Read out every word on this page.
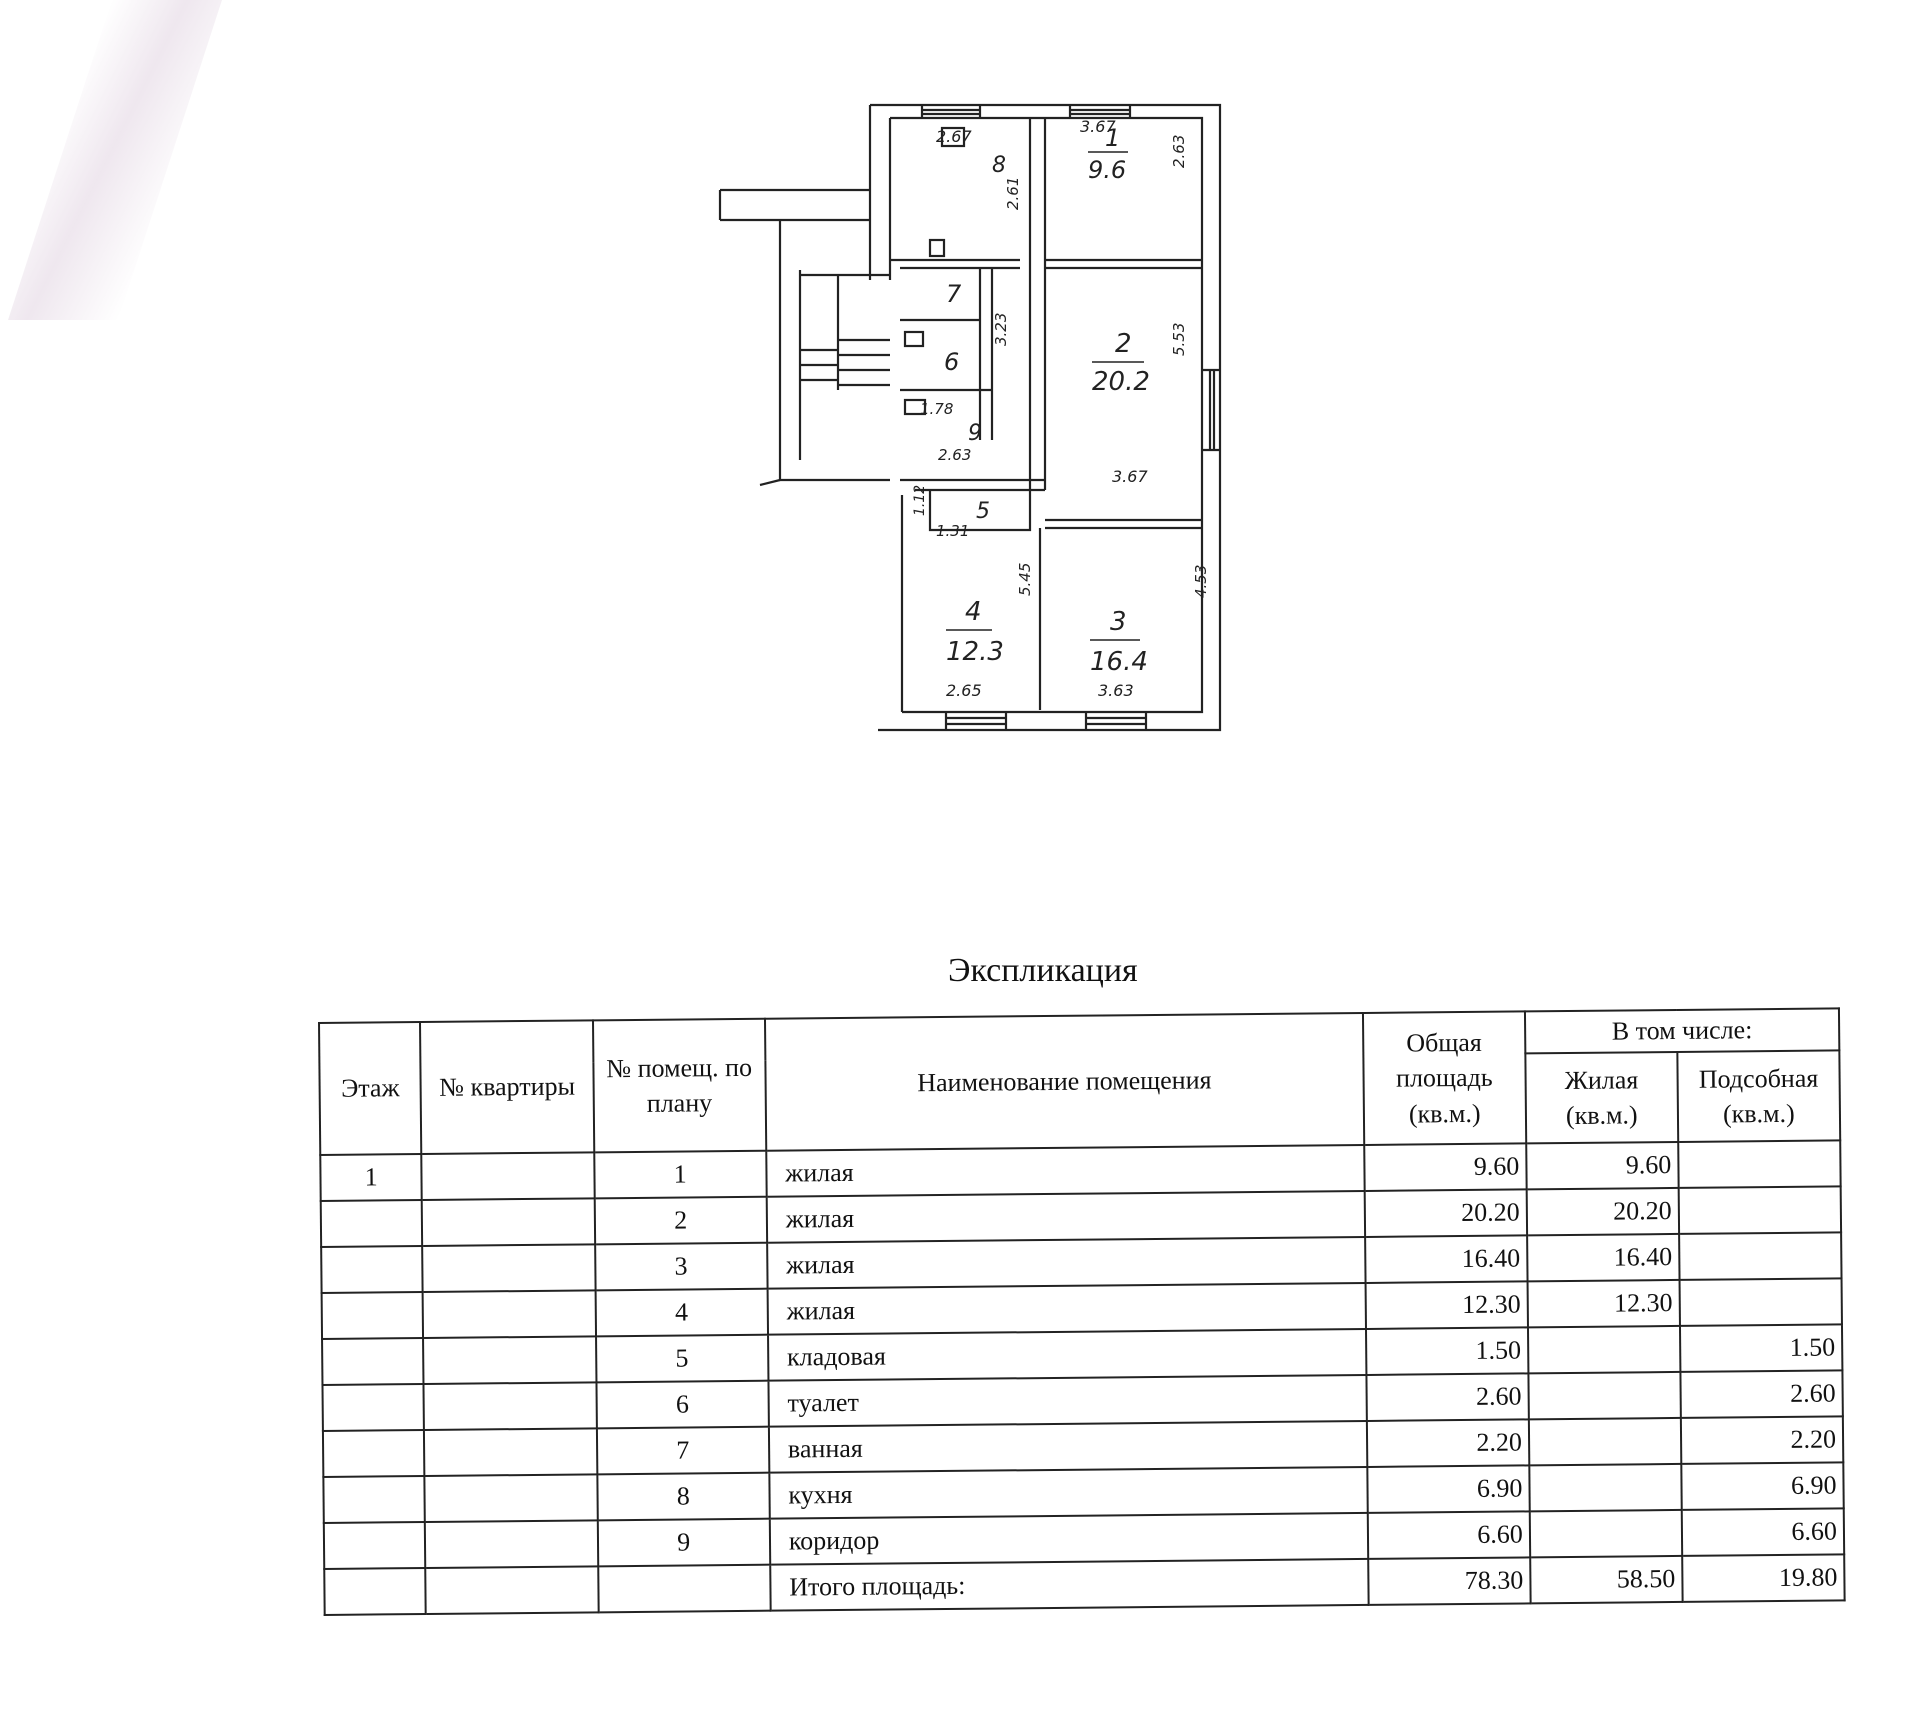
8
1
9.6
7
6
2
20.2
9
5
4
12.3
3
16.4
2.67
3.67
2.61
2.63
5.53
3.23
1.78
2.63
3.67
1.12
1.31
5.45	4.53
2.65	3.63
Экспликация
Этаж	№ квартиры	№ помещ. по плану	Наименование помещения	Общая площадь (кв.м.)	В том числе:	
					Жилая (кв.м.)	Подсобная (кв.м.)
1		1	жилая	9.60	9.60	
		2	жилая	20.20	20.20	
		3	жилая	16.40	16.40	
		4	жилая	12.30	12.30	
		5	кладовая	1.50		1.50
		6	туалет	2.60		2.60
		7	ванная	2.20		2.20
		8	кухня	6.90		6.90
		9	коридор	6.60		6.60
			Итого площадь:	78.30	58.50	19.80
